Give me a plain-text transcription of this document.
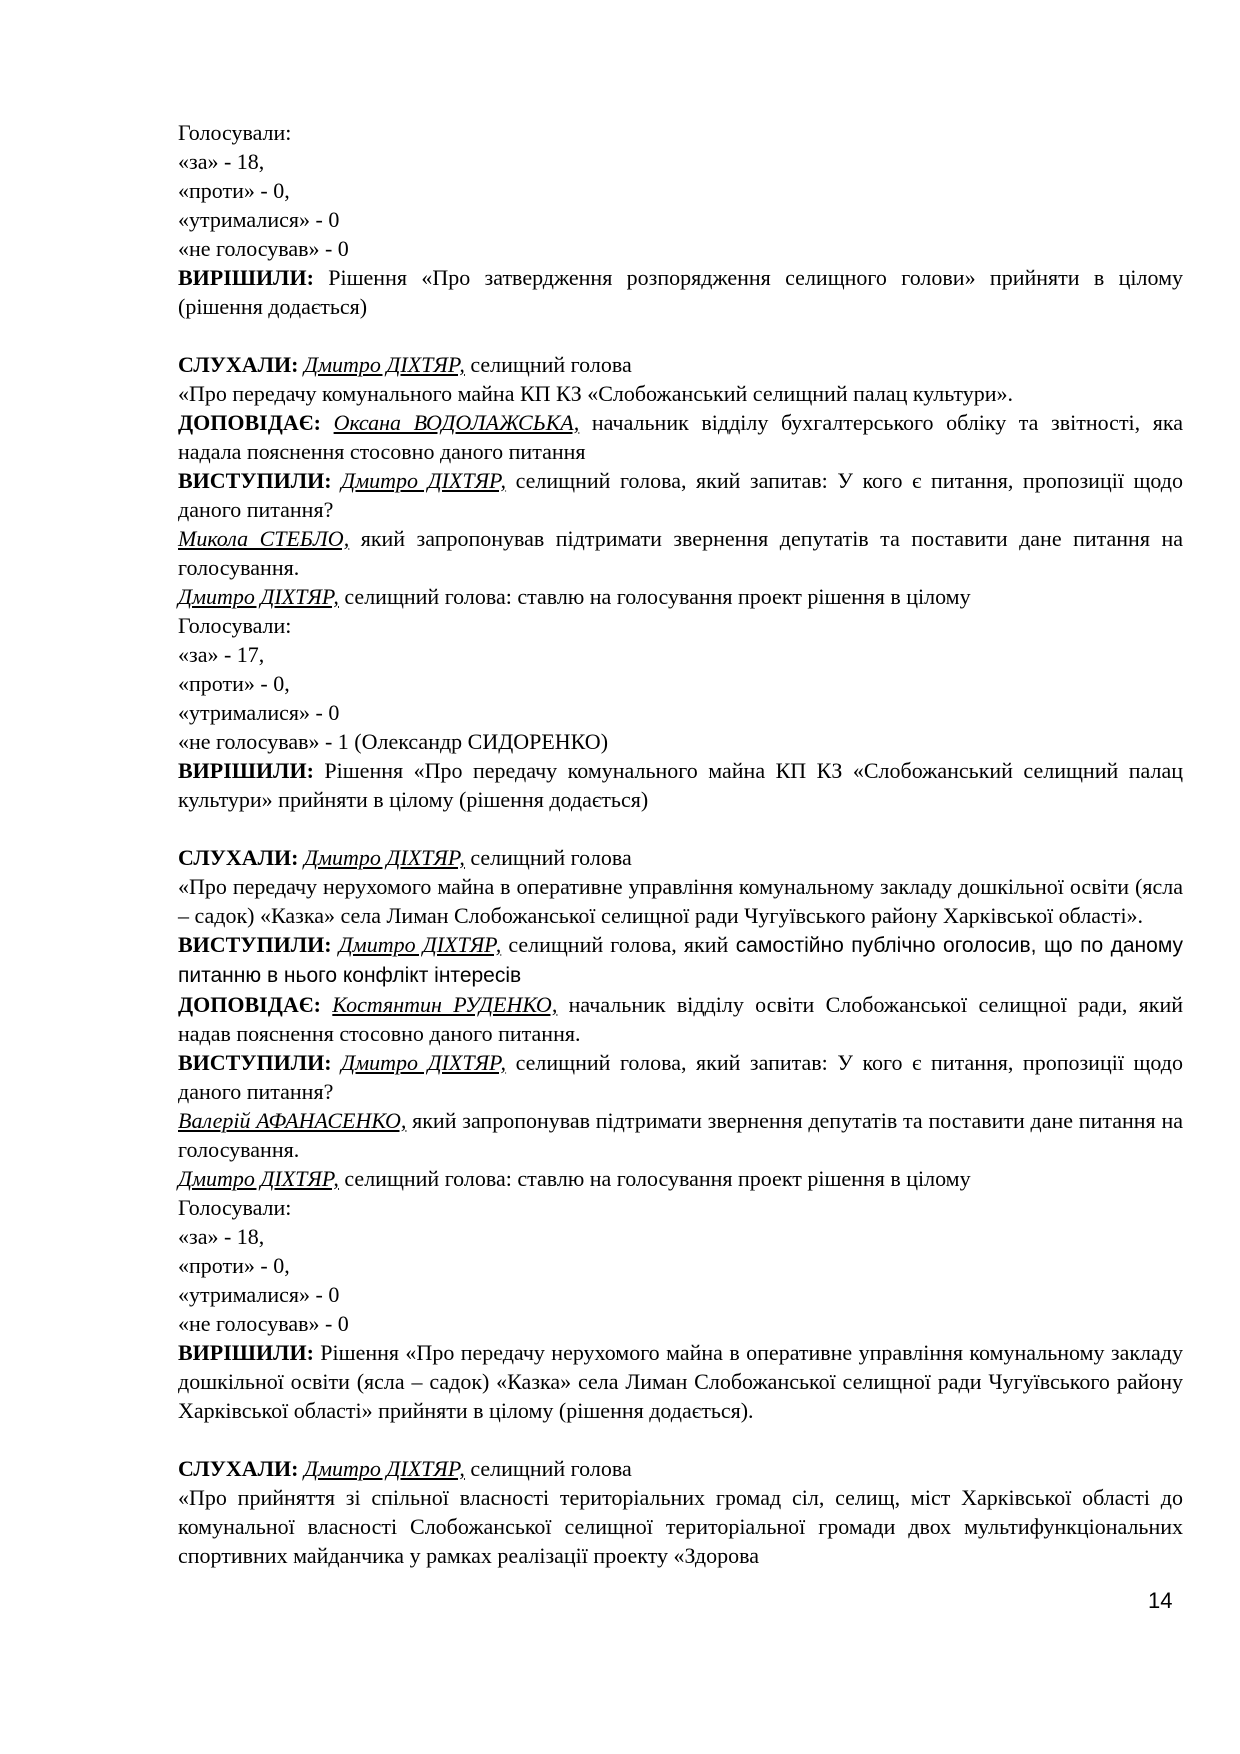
Голосували:

«за» - 18,

«проти» - 0,

«утрималися» - 0

«не голосував» - 0

ВИРІШИЛИ: Рішення «Про затвердження розпорядження селищного голови» прийняти в цілому (рішення додається)

СЛУХАЛИ: Дмитро ДІХТЯР, селищний голова

«Про передачу комунального майна КП КЗ «Слобожанський селищний палац культури».

ДОПОВІДАЄ: Оксана ВОДОЛАЖСЬКА, начальник відділу бухгалтерського обліку та звітності, яка надала пояснення стосовно даного питання

ВИСТУПИЛИ: Дмитро ДІХТЯР, селищний голова, який запитав: У кого є питання, пропозиції щодо даного питання?

Микола СТЕБЛО, який запропонував підтримати звернення депутатів та поставити дане питання на голосування.

Дмитро ДІХТЯР, селищний голова: ставлю на голосування проект рішення в цілому

Голосували:

«за» - 17,

«проти» - 0,

«утрималися» - 0

«не голосував» - 1 (Олександр СИДОРЕНКО)

ВИРІШИЛИ: Рішення «Про передачу комунального майна КП КЗ «Слобожанський селищний палац культури» прийняти в цілому (рішення додається)

СЛУХАЛИ: Дмитро ДІХТЯР, селищний голова

«Про передачу нерухомого майна в оперативне управління комунальному закладу дошкільної освіти (ясла – садок) «Казка» села Лиман Слобожанської селищної ради Чугуївського району Харківської області».

ВИСТУПИЛИ: Дмитро ДІХТЯР, селищний голова, який самостійно публічно оголосив, що по даному питанню в нього конфлікт інтересів

ДОПОВІДАЄ: Костянтин РУДЕНКО, начальник відділу освіти Слобожанської селищної ради, який надав пояснення стосовно даного питання.

ВИСТУПИЛИ: Дмитро ДІХТЯР, селищний голова, який запитав: У кого є питання, пропозиції щодо даного питання?

Валерій АФАНАСЕНКО, який запропонував підтримати звернення депутатів та поставити дане питання на голосування.

Дмитро ДІХТЯР, селищний голова: ставлю на голосування проект рішення в цілому

Голосували:

«за» - 18,

«проти» - 0,

«утрималися» - 0

«не голосував» - 0

ВИРІШИЛИ: Рішення «Про передачу нерухомого майна в оперативне управління комунальному закладу дошкільної освіти (ясла – садок) «Казка» села Лиман Слобожанської селищної ради Чугуївського району Харківської області» прийняти в цілому (рішення додається).

СЛУХАЛИ: Дмитро ДІХТЯР, селищний голова

«Про прийняття зі спільної власності територіальних громад сіл, селищ, міст Харківської області до комунальної власності Слобожанської селищної територіальної громади двох мультифункціональних спортивних майданчика у рамках реалізації проекту «Здорова

14
